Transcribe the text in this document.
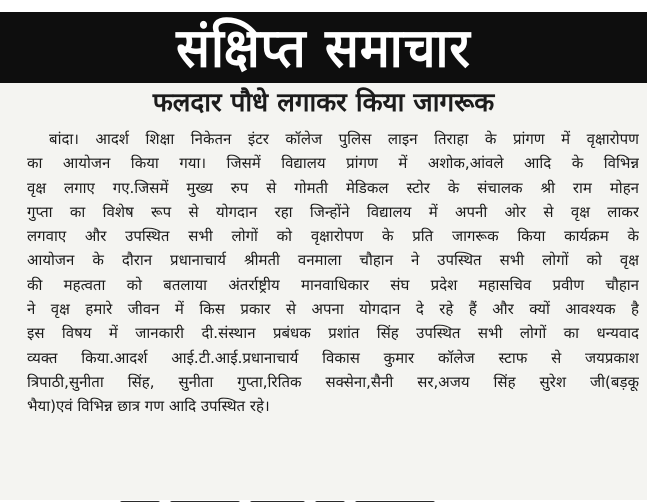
संक्षिप्त समाचार
फलदार पौधे लगाकर किया जागरूक
बांदा। आदर्श शिक्षा निकेतन इंटर कॉलेज पुलिस लाइन तिराहा के प्रांगण में वृक्षारोपण
का आयोजन किया गया। जिसमें विद्यालय प्रांगण में अशोक,आंवले आदि के विभिन्न
वृक्ष लगाए गए.जिसमें मुख्य रुप से गोमती मेडिकल स्टोर के संचालक श्री राम मोहन
गुप्ता का विशेष रूप से योगदान रहा जिन्होंने विद्यालय में अपनी ओर से वृक्ष लाकर
लगवाए और उपस्थित सभी लोगों को वृक्षारोपण के प्रति जागरूक किया कार्यक्रम के
आयोजन के दौरान प्रधानाचार्य श्रीमती वनमाला चौहान ने उपस्थित सभी लोगों को वृक्ष
की महत्वता को बतलाया अंतर्राष्ट्रीय मानवाधिकार संघ प्रदेश महासचिव प्रवीण चौहान
ने वृक्ष हमारे जीवन में किस प्रकार से अपना योगदान दे रहे हैं और क्यों आवश्यक है
इस विषय में जानकारी दी.संस्थान प्रबंधक प्रशांत सिंह उपस्थित सभी लोगों का धन्यवाद
व्यक्त किया.आदर्श आई.टी.आई.प्रधानाचार्य विकास कुमार कॉलेज स्टाफ से जयप्रकाश
त्रिपाठी,सुनीता सिंह, सुनीता गुप्ता,रितिक सक्सेना,सैनी सर,अजय सिंह सुरेश जी(बड़कू
भैया)एवं विभिन्न छात्र गण आदि उपस्थित रहे।
